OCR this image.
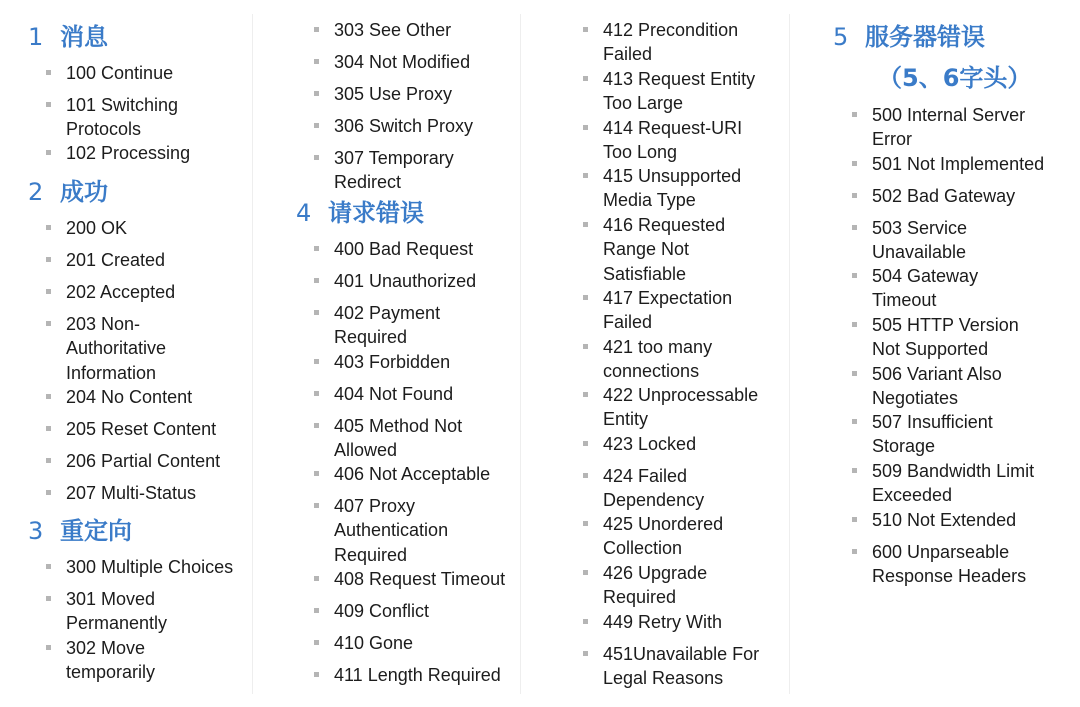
1 消息
100 Continue
101 Switching
Protocols
102 Processing
2 成功
200 OK
201 Created
202 Accepted
203 Non-
Authoritative
Information
204 No Content
205 Reset Content
206 Partial Content
207 Multi-Status
3 重定向
300 Multiple Choices
301 Moved
Permanently
302 Move
temporarily
303 See Other
304 Not Modified
305 Use Proxy
306 Switch Proxy
307 Temporary
Redirect
4 请求错误
400 Bad Request
401 Unauthorized
402 Payment
Required
403 Forbidden
404 Not Found
405 Method Not
Allowed
406 Not Acceptable
407 Proxy
Authentication
Required
408 Request Timeout
409 Conflict
410 Gone
411 Length Required
412 Precondition
Failed
413 Request Entity
Too Large
414 Request-URI
Too Long
415 Unsupported
Media Type
416 Requested
Range Not
Satisfiable
417 Expectation
Failed
421 too many
connections
422 Unprocessable
Entity
423 Locked
424 Failed
Dependency
425 Unordered
Collection
426 Upgrade
Required
449 Retry With
451Unavailable For
Legal Reasons
5 服务器错误
（5、6字头）
500 Internal Server
Error
501 Not Implemented
502 Bad Gateway
503 Service
Unavailable
504 Gateway
Timeout
505 HTTP Version
Not Supported
506 Variant Also
Negotiates
507 Insufficient
Storage
509 Bandwidth Limit
Exceeded
510 Not Extended
600 Unparseable
Response Headers
